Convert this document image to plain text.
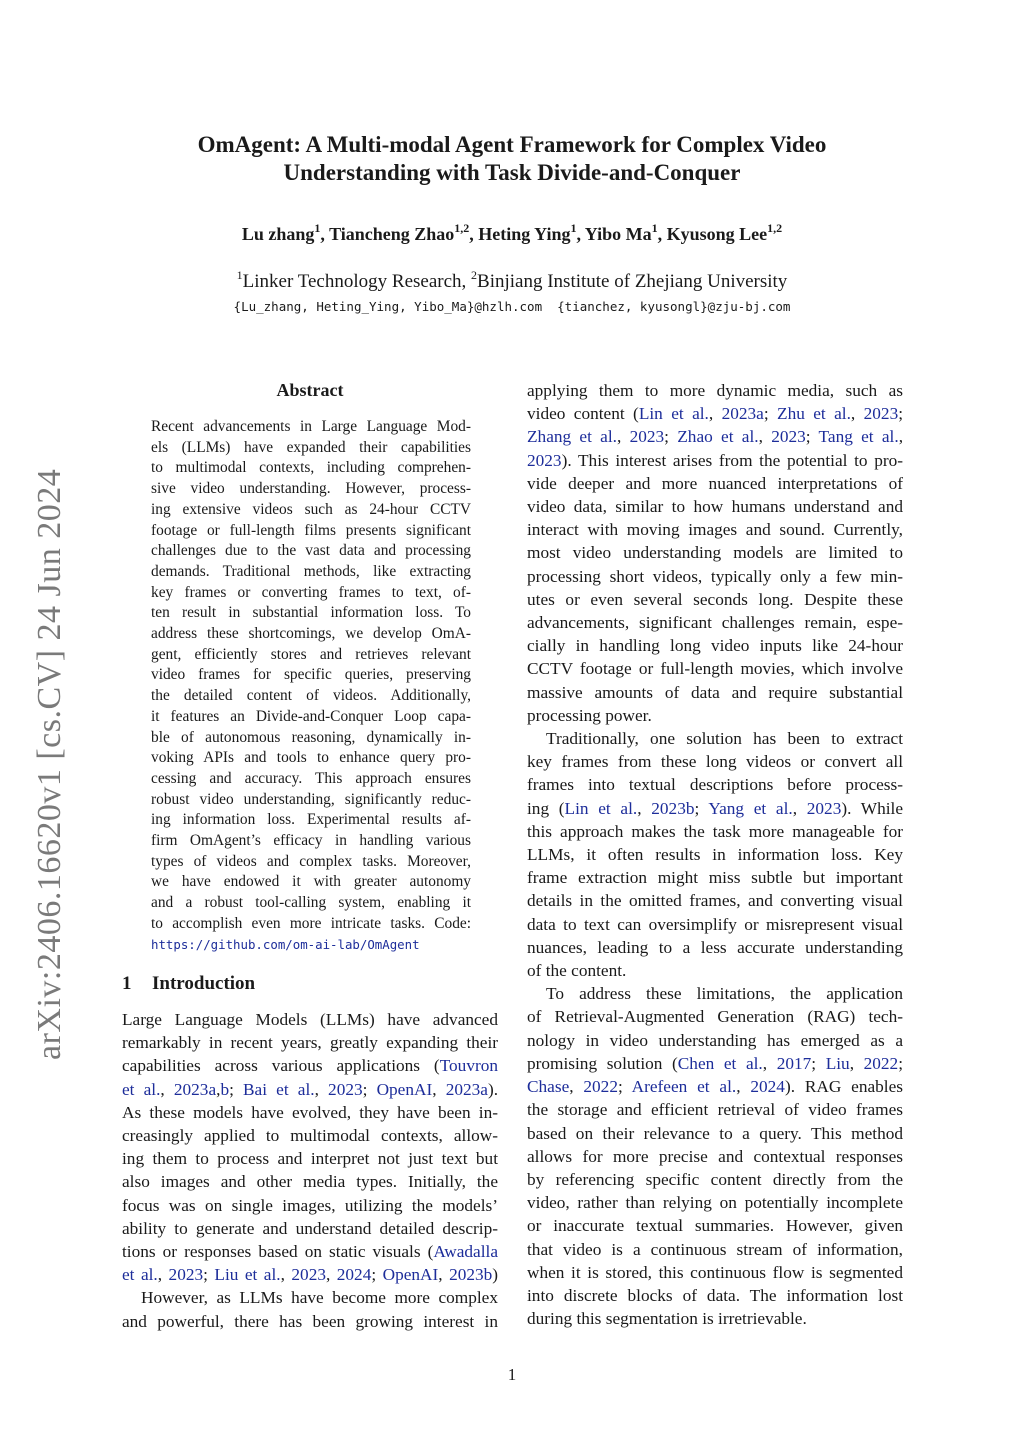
arXiv:2406.16620v1 [cs.CV] 24 Jun 2024
OmAgent: A Multi-modal Agent Framework for Complex Video
Understanding with Task Divide-and-Conquer
Lu zhang$^1$, Tiancheng Zhao$^{1,2}$, Heting Ying$^1$, Yibo Ma$^1$, Kyusong Lee$^{1,2}$
$^1$Linker Technology Research, $^2$Binjiang Institute of Zhejiang University
{Lu_zhang, Heting_Ying, Yibo_Ma}@hzlh.com  {tianchez, kyusongl}@zju-bj.com
Abstract
Recent advancements in Large Language Mod-
els (LLMs) have expanded their capabilities
to multimodal contexts, including comprehen-
sive video understanding. However, process-
ing extensive videos such as 24-hour CCTV
footage or full-length films presents significant
challenges due to the vast data and processing
demands. Traditional methods, like extracting
key frames or converting frames to text, of-
ten result in substantial information loss. To
address these shortcomings, we develop OmA-
gent, efficiently stores and retrieves relevant
video frames for specific queries, preserving
the detailed content of videos. Additionally,
it features an Divide-and-Conquer Loop capa-
ble of autonomous reasoning, dynamically in-
voking APIs and tools to enhance query pro-
cessing and accuracy. This approach ensures
robust video understanding, significantly reduc-
ing information loss. Experimental results af-
firm OmAgent’s efficacy in handling various
types of videos and complex tasks. Moreover,
we have endowed it with greater autonomy
and a robust tool-calling system, enabling it
to accomplish even more intricate tasks. Code:
https://github.com/om-ai-lab/OmAgent
1 Introduction
Large Language Models (LLMs) have advanced
remarkably in recent years, greatly expanding their
capabilities across various applications (Touvron
et al., 2023a,b; Bai et al., 2023; OpenAI, 2023a).
As these models have evolved, they have been in-
creasingly applied to multimodal contexts, allow-
ing them to process and interpret not just text but
also images and other media types. Initially, the
focus was on single images, utilizing the models’
ability to generate and understand detailed descrip-
tions or responses based on static visuals (Awadalla
et al., 2023; Liu et al., 2023, 2024; OpenAI, 2023b)
However, as LLMs have become more complex
and powerful, there has been growing interest in
applying them to more dynamic media, such as
video content (Lin et al., 2023a; Zhu et al., 2023;
Zhang et al., 2023; Zhao et al., 2023; Tang et al.,
2023). This interest arises from the potential to pro-
vide deeper and more nuanced interpretations of
video data, similar to how humans understand and
interact with moving images and sound. Currently,
most video understanding models are limited to
processing short videos, typically only a few min-
utes or even several seconds long. Despite these
advancements, significant challenges remain, espe-
cially in handling long video inputs like 24-hour
CCTV footage or full-length movies, which involve
massive amounts of data and require substantial
processing power.
Traditionally, one solution has been to extract
key frames from these long videos or convert all
frames into textual descriptions before process-
ing (Lin et al., 2023b; Yang et al., 2023). While
this approach makes the task more manageable for
LLMs, it often results in information loss. Key
frame extraction might miss subtle but important
details in the omitted frames, and converting visual
data to text can oversimplify or misrepresent visual
nuances, leading to a less accurate understanding
of the content.
To address these limitations, the application
of Retrieval-Augmented Generation (RAG) tech-
nology in video understanding has emerged as a
promising solution (Chen et al., 2017; Liu, 2022;
Chase, 2022; Arefeen et al., 2024). RAG enables
the storage and efficient retrieval of video frames
based on their relevance to a query. This method
allows for more precise and contextual responses
by referencing specific content directly from the
video, rather than relying on potentially incomplete
or inaccurate textual summaries. However, given
that video is a continuous stream of information,
when it is stored, this continuous flow is segmented
into discrete blocks of data. The information lost
during this segmentation is irretrievable.
1
